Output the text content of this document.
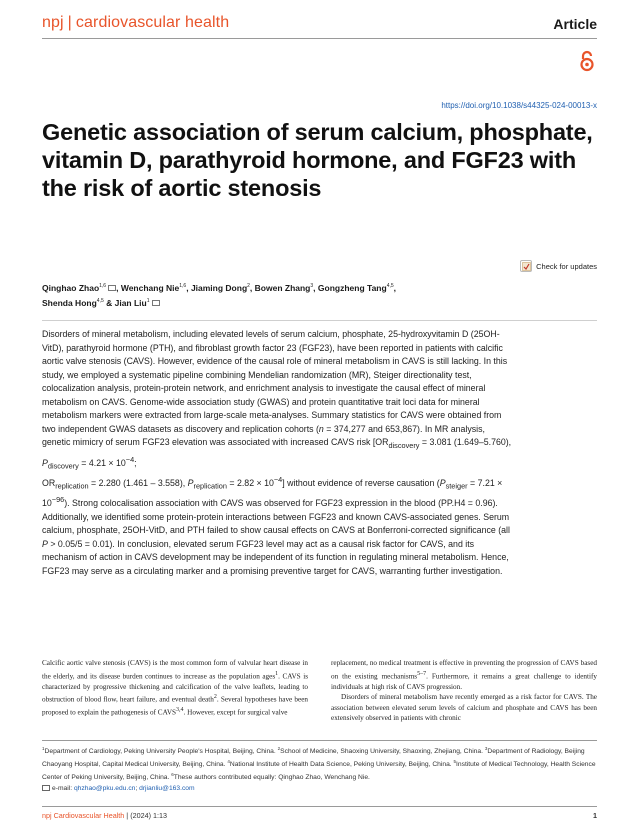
npj | cardiovascular health	Article
https://doi.org/10.1038/s44325-024-00013-x
Genetic association of serum calcium, phosphate, vitamin D, parathyroid hormone, and FGF23 with the risk of aortic stenosis
Check for updates
Qinghao Zhao$^{1,6}$ , Wenchang Nie$^{1,6}$, Jiaming Dong$^2$, Bowen Zhang$^3$, Gongzheng Tang$^{4,5}$,
Shenda Hong$^{4,5}$ & Jian Liu$^1$

Disorders of mineral metabolism, including elevated levels of serum calcium, phosphate, 25-hydroxyvitamin D (25OH-VitD), parathyroid hormone (PTH), and fibroblast growth factor 23 (FGF23), have been reported in patients with calcific aortic valve stenosis (CAVS). However, evidence of the causal role of mineral metabolism in CAVS is still lacking. In this study, we employed a systematic pipeline combining Mendelian randomization (MR), Steiger directionality test, colocalization analysis, protein-protein network, and enrichment analysis to investigate the causal effect of mineral metabolism on CAVS. Genome-wide association study (GWAS) and protein quantitative trait loci data for mineral metabolism markers were extracted from large-scale meta-analyses. Summary statistics for CAVS were obtained from two independent GWAS datasets as discovery and replication cohorts (n = 374,277 and 653,867). In MR analysis, genetic mimicry of serum FGF23 elevation was associated with increased CAVS risk [$OR_{discovery} = 3.081$ (1.649–5.760), $P_{discovery} = 4.21 \times 10^{-4}$;
$OR_{replication} = 2.280$ (1.461 – 3.558), $P_{replication} = 2.82 \times 10^{-4}$] without evidence of reverse causation $(P_{steiger} = 7.21 \times 10^{-96})$. Strong colocalisation association with CAVS was observed for FGF23 expression in the blood (PP.H4 = 0.96). Additionally, we identified some protein-protein interactions between FGF23 and known CAVS-associated genes. Serum calcium, phosphate, 25OH-VitD, and PTH failed to show causal effects on CAVS at Bonferroni-corrected significance (all P > 0.05/5 = 0.01). In conclusion, elevated serum FGF23 level may act as a causal risk factor for CAVS, and its mechanism of action in CAVS development may be independent of its function in regulating mineral metabolism. Hence, FGF23 may serve as a circulating marker and a promising preventive target for CAVS, warranting further investigation.

Calcific aortic valve stenosis (CAVS) is the most common form of valvular heart disease in the elderly, and its disease burden continues to increase as the population ages$^1$. CAVS is characterized by progressive thickening and calcification of the valve leaflets, leading to obstruction of blood flow, heart failure, and eventual death$^2$. Several hypotheses have been proposed to explain the pathogenesis of CAVS$^{3,4}$. However, except for surgical valve

replacement, no medical treatment is effective in preventing the progression of CAVS based on the existing mechanisms$^{5-7}$. Furthermore, it remains a great challenge to identify individuals at high risk of CAVS progression.

Disorders of mineral metabolism have recently emerged as a risk factor for CAVS. The association between elevated serum levels of calcium and phosphate and CAVS has been extensively observed in patients with chronic

$^1$Department of Cardiology, Peking University People's Hospital, Beijing, China. $^2$School of Medicine, Shaoxing University, Shaoxing, Zhejiang, China. $^3$Department of Radiology, Beijing Chaoyang Hospital, Capital Medical University, Beijing, China. $^4$National Institute of Health Data Science, Peking University, Beijing, China. $^5$Institute of Medical Technology, Health Science Center of Peking University, Beijing, China. $^6$These authors contributed equally: Qinghao Zhao, Wenchang Nie.
e-mail: qhzhao@pku.edu.cn; drjianliu@163.com
npj Cardiovascular Health | (2024) 1:13	1
